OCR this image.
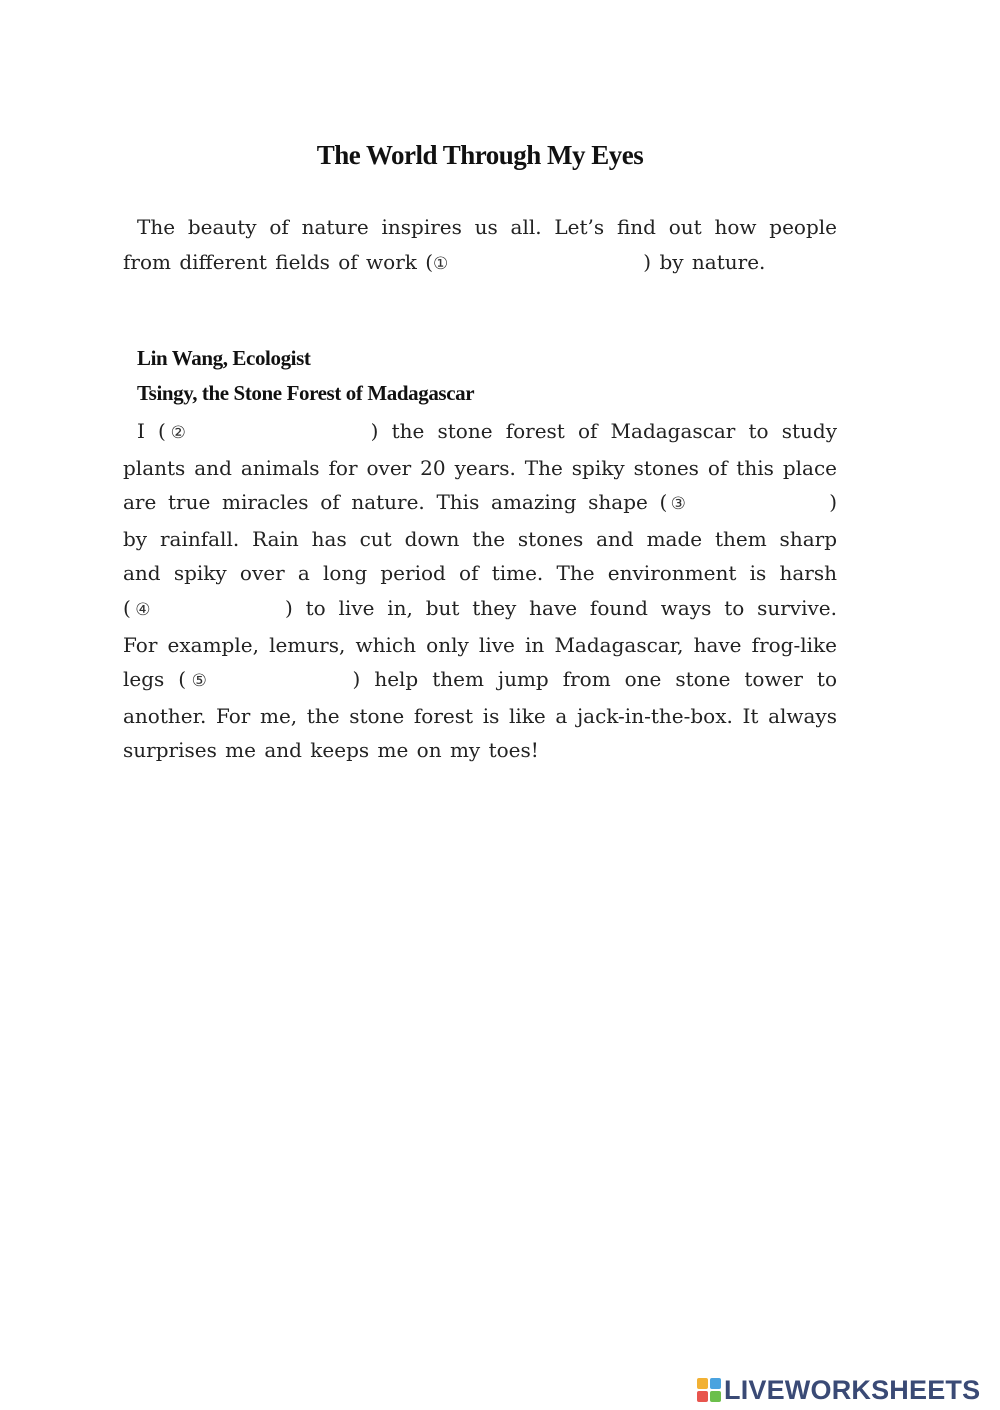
The World Through My Eyes
The beauty of nature inspires us all. Let’s find out how people
from different fields of work (①	) by nature.
Lin Wang, Ecologist
Tsingy, the Stone Forest of Madagascar
I (②	) the stone forest of Madagascar to study
plants and animals for over 20 years. The spiky stones of this place
are true miracles of nature. This amazing shape (③	)
by rainfall. Rain has cut down the stones and made them sharp
and spiky over a long period of time. The environment is harsh
(④	) to live in, but they have found ways to survive.
For example, lemurs, which only live in Madagascar, have frog-like
legs (⑤	) help them jump from one stone tower to
another. For me, the stone forest is like a jack-in-the-box. It always
surprises me and keeps me on my toes!
LIVEWORKSHEETS
